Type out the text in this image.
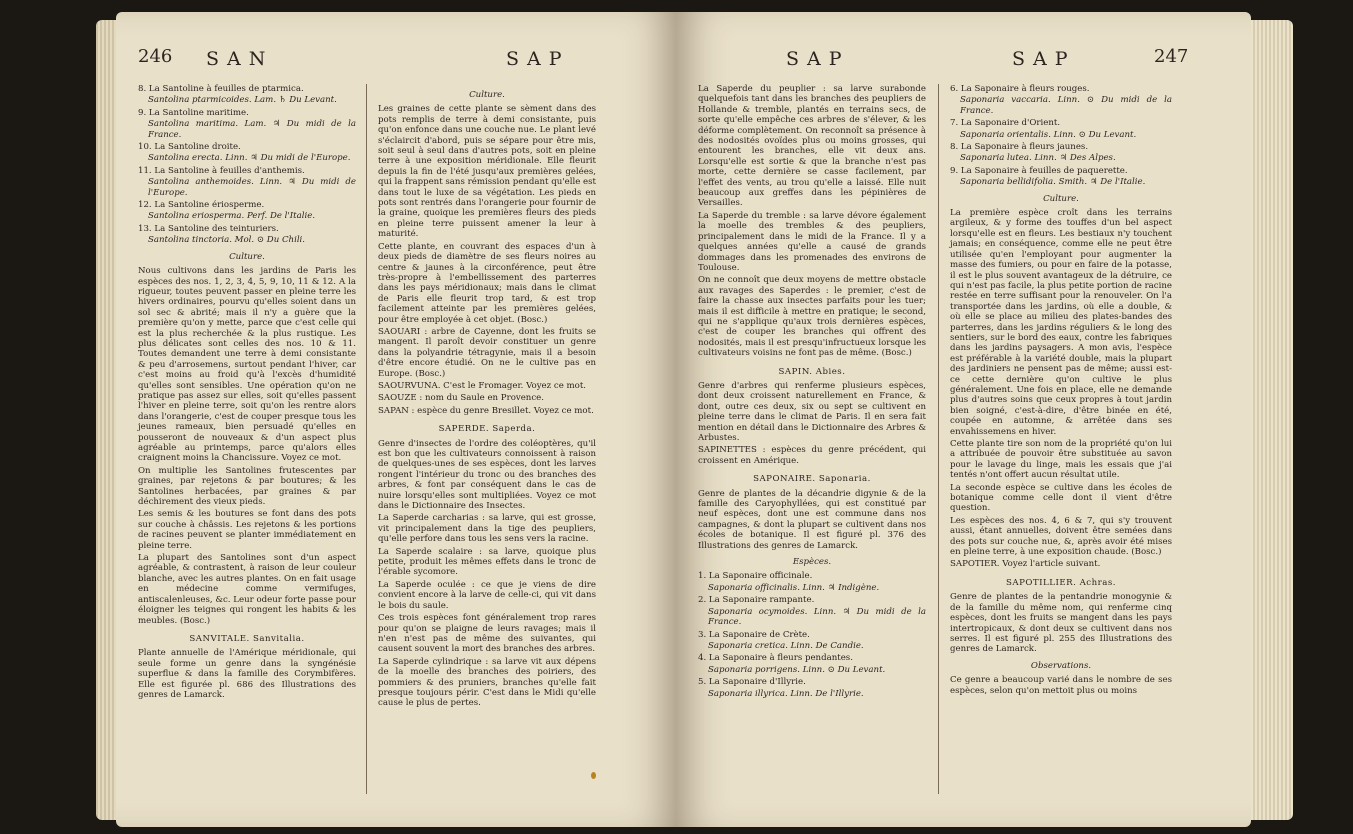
246 SAN	SAP

8. La Santoline à feuilles de ptarmica.

Santolina ptarmicoides. Lam. ♄ Du Levant.

9. La Santoline maritime.

Santolina maritima. Lam. ♃ Du midi de la France.

10. La Santoline droite.

Santolina erecta. Linn. ♃ Du midi de l'Europe.

11. La Santoline à feuilles d'anthemis.

Santolina anthemoides. Linn. ♃ Du midi de l'Europe.

12. La Santoline ériosperme.

Santolina eriosperma. Perf. De l'Italie.

13. La Santoline des teinturiers.

Santolina tinctoria. Mol. ⊙ Du Chili.

Culture.

Nous cultivons dans les jardins de Paris les espèces des nos. 1, 2, 3, 4, 5, 9, 10, 11 & 12. A la rigueur, toutes peuvent passer en pleine terre les hivers ordinaires, pourvu qu'elles soient dans un sol sec & abrité; mais il n'y a guère que la première qu'on y mette, parce que c'est celle qui est la plus recherchée & la plus rustique. Les plus délicates sont celles des nos. 10 & 11. Toutes demandent une terre à demi consistante & peu d'arrosemens, surtout pendant l'hiver, car c'est moins au froid qu'à l'excès d'humidité qu'elles sont sensibles. Une opération qu'on ne pratique pas assez sur elles, soit qu'elles passent l'hiver en pleine terre, soit qu'on les rentre alors dans l'orangerie, c'est de couper presque tous les jeunes rameaux, bien persuadé qu'elles en pousseront de nouveaux & d'un aspect plus agréable au printemps, parce qu'alors elles craignent moins la Chancissure. Voyez ce mot.

On multiplie les Santolines frutescentes par graines, par rejetons & par boutures; & les Santolines herbacées, par graines & par déchirement des vieux pieds.

Les semis & les boutures se font dans des pots sur couche à châssis. Les rejetons & les portions de racines peuvent se planter immédiatement en pleine terre.

La plupart des Santolines sont d'un aspect agréable, & contrastent, à raison de leur couleur blanche, avec les autres plantes. On en fait usage en médecine comme vermifuges, antiscalenleuses, &c. Leur odeur forte passe pour éloigner les teignes qui rongent les habits & les meubles. (Bosc.)

SANVITALE. Sanvitalia.

Plante annuelle de l'Amérique méridionale, qui seule forme un genre dans la syngénésie superflue & dans la famille des Corymbifères. Elle est figurée pl. 686 des Illustrations des genres de Lamarck.

Culture.

Les graines de cette plante se sèment dans des pots remplis de terre à demi consistante, puis qu'on enfonce dans une couche nue. Le plant levé s'éclaircit d'abord, puis se sépare pour être mis, soit seul à seul dans d'autres pots, soit en pleine terre à une exposition méridionale. Elle fleurit depuis la fin de l'été jusqu'aux premières gelées, qui la frappent sans rémission pendant qu'elle est dans tout le luxe de sa végétation. Les pieds en pots sont rentrés dans l'orangerie pour fournir de la graine, quoique les premières fleurs des pieds en pleine terre puissent amener la leur à maturité.

Cette plante, en couvrant des espaces d'un à deux pieds de diamètre de ses fleurs noires au centre & jaunes à la circonférence, peut être très-propre à l'embellissement des parterres dans les pays méridionaux; mais dans le climat de Paris elle fleurit trop tard, & est trop facilement atteinte par les premières gelées, pour être employée à cet objet. (Bosc.)

SAOUARI : arbre de Cayenne, dont les fruits se mangent. Il paroît devoir constituer un genre dans la polyandrie tétragynie, mais il a besoin d'être encore étudié. On ne le cultive pas en Europe. (Bosc.)

SAOURVUNA. C'est le Fromager. Voyez ce mot.

SAOUZE : nom du Saule en Provence.

SAPAN : espèce du genre Bresillet. Voyez ce mot.

SAPERDE. Saperda.

Genre d'insectes de l'ordre des coléoptères, qu'il est bon que les cultivateurs connoissent à raison de quelques-unes de ses espèces, dont les larves rongent l'intérieur du tronc ou des branches des arbres, & font par conséquent dans le cas de nuire lorsqu'elles sont multipliées. Voyez ce mot dans le Dictionnaire des Insectes.

La Saperde carcharias : sa larve, qui est grosse, vit principalement dans la tige des peupliers, qu'elle perfore dans tous les sens vers la racine.

La Saperde scalaire : sa larve, quoique plus petite, produit les mêmes effets dans le tronc de l'érable sycomore.

La Saperde oculée : ce que je viens de dire convient encore à la larve de celle-ci, qui vit dans le bois du saule.

Ces trois espèces font généralement trop rares pour qu'on se plaigne de leurs ravages; mais il n'en n'est pas de même des suivantes, qui causent souvent la mort des branches des arbres.

La Saperde cylindrique : sa larve vit aux dépens de la moelle des branches des poiriers, des pommiers & des pruniers, branches qu'elle fait presque toujours périr. C'est dans le Midi qu'elle cause le plus de pertes.

SAP	SAP	247

La Saperde du peuplier : sa larve surabonde quelquefois tant dans les branches des peupliers de Hollande & tremble, plantés en terrains secs, de sorte qu'elle empêche ces arbres de s'élever, & les déforme complètement. On reconnoît sa présence à des nodosités ovoïdes plus ou moins grosses, qui entourent les branches, elle vit deux ans. Lorsqu'elle est sortie & que la branche n'est pas morte, cette dernière se casse facilement, par l'effet des vents, au trou qu'elle a laissé. Elle nuit beaucoup aux greffes dans les pépinières de Versailles.

La Saperde du tremble : sa larve dévore également la moelle des trembles & des peupliers, principalement dans le midi de la France. Il y a quelques années qu'elle a causé de grands dommages dans les promenades des environs de Toulouse.

On ne connoît que deux moyens de mettre obstacle aux ravages des Saperdes : le premier, c'est de faire la chasse aux insectes parfaits pour les tuer; mais il est difficile à mettre en pratique; le second, qui ne s'applique qu'aux trois dernières espèces, c'est de couper les branches qui offrent des nodosités, mais il est presqu'infructueux lorsque les cultivateurs voisins ne font pas de même. (Bosc.)

SAPIN. Abies.

Genre d'arbres qui renferme plusieurs espèces, dont deux croissent naturellement en France, & dont, outre ces deux, six ou sept se cultivent en pleine terre dans le climat de Paris. Il en sera fait mention en détail dans le Dictionnaire des Arbres & Arbustes.

SAPINETTES : espèces du genre précédent, qui croissent en Amérique.

SAPONAIRE. Saponaria.

Genre de plantes de la décandrie digynie & de la famille des Caryophyllées, qui est constitué par neuf espèces, dont une est commune dans nos campagnes, & dont la plupart se cultivent dans nos écoles de botanique. Il est figuré pl. 376 des Illustrations des genres de Lamarck.

Espèces.

1. La Saponaire officinale.

Saponaria officinalis. Linn. ♃ Indigène.

2. La Saponaire rampante.

Saponaria ocymoides. Linn. ♃ Du midi de la France.

3. La Saponaire de Crète.

Saponaria cretica. Linn. De Candie.

4. La Saponaire à fleurs pendantes.

Saponaria porrigens. Linn. ⊙ Du Levant.

5. La Saponaire d'Illyrie.

Saponaria illyrica. Linn. De l'Illyrie.

6. La Saponaire à fleurs rouges.

Saponaria vaccaria. Linn. ⊙ Du midi de la France.

7. La Saponaire d'Orient.

Saponaria orientalis. Linn. ⊙ Du Levant.

8. La Saponaire à fleurs jaunes.

Saponaria lutea. Linn. ♃ Des Alpes.

9. La Saponaire à feuilles de paquerette.

Saponaria bellidifolia. Smith. ♃ De l'Italie.

Culture.

La première espèce croît dans les terrains argileux, & y forme des touffes d'un bel aspect lorsqu'elle est en fleurs. Les bestiaux n'y touchent jamais; en conséquence, comme elle ne peut être utilisée qu'en l'employant pour augmenter la masse des fumiers, ou pour en faire de la potasse, il est le plus souvent avantageux de la détruire, ce qui n'est pas facile, la plus petite portion de racine restée en terre suffisant pour la renouveler. On l'a transportée dans les jardins, où elle a double, & où elle se place au milieu des plates-bandes des parterres, dans les jardins réguliers & le long des sentiers, sur le bord des eaux, contre les fabriques dans les jardins paysagers. A mon avis, l'espèce est préférable à la variété double, mais la plupart des jardiniers ne pensent pas de même; aussi est-ce cette dernière qu'on cultive le plus généralement. Une fois en place, elle ne demande plus d'autres soins que ceux propres à tout jardin bien soigné, c'est-à-dire, d'être binée en été, coupée en automne, & arrêtée dans ses envahissemens en hiver.

Cette plante tire son nom de la propriété qu'on lui a attribuée de pouvoir être substituée au savon pour le lavage du linge, mais les essais que j'ai tentés n'ont offert aucun résultat utile.

La seconde espèce se cultive dans les écoles de botanique comme celle dont il vient d'être question.

Les espèces des nos. 4, 6 & 7, qui s'y trouvent aussi, étant annuelles, doivent être semées dans des pots sur couche nue, &, après avoir été mises en pleine terre, à une exposition chaude. (Bosc.)

SAPOTIER. Voyez l'article suivant.

SAPOTILLIER. Achras.

Genre de plantes de la pentandrie monogynie & de la famille du même nom, qui renferme cinq espèces, dont les fruits se mangent dans les pays intertropicaux, & dont deux se cultivent dans nos serres. Il est figuré pl. 255 des Illustrations des genres de Lamarck.

Observations.

Ce genre a beaucoup varié dans le nombre de ses espèces, selon qu'on mettoit plus ou moins
